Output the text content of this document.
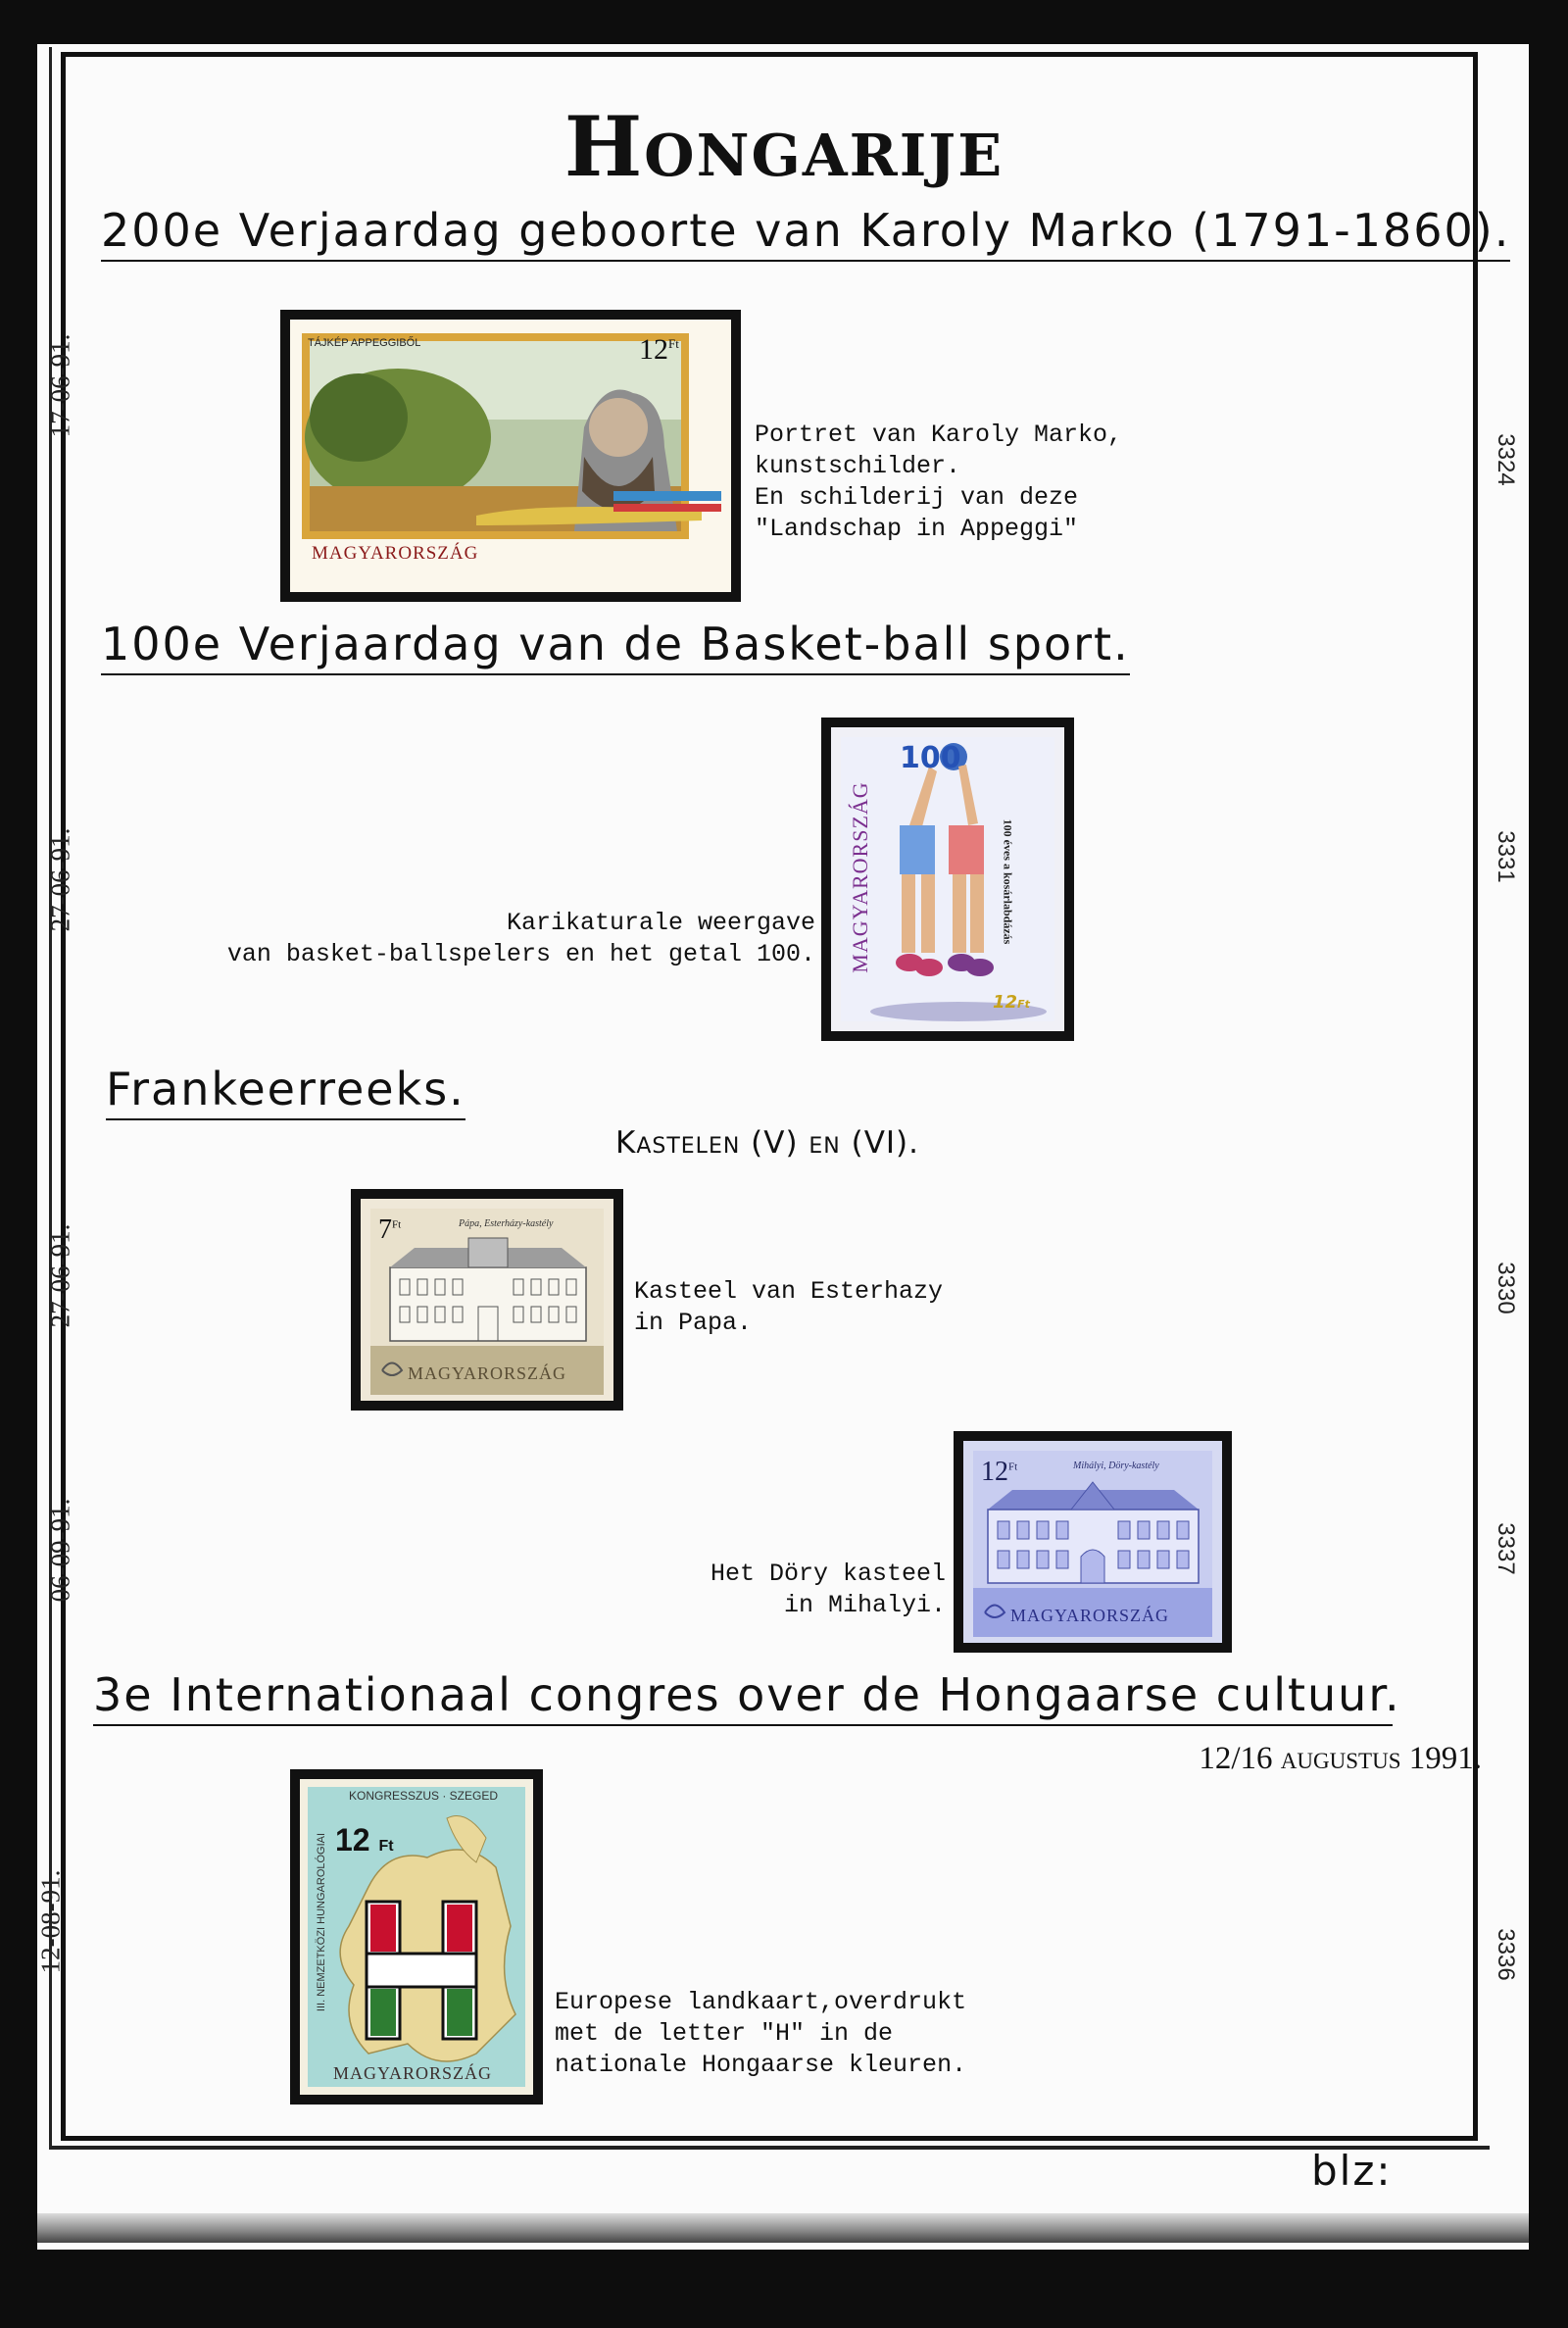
Hongarije
200e Verjaardag geboorte van Karoly Marko (1791-1860).
17-06-91.
3324
TÁJKÉP APPEGGIBŐL	$12^{Ft}$
MAGYARORSZÁG
Portret van Karoly Marko,
kunstschilder.
En schilderij van deze
"Landschap in Appeggi"
100e Verjaardag van de Basket-ball sport.
27-06-91.	3331
100
MAGYARORSZÁG	100 éves a kosárlabdázás
12Ft
Karikaturale weergave
van basket-ballspelers en het getal 100.
Frankeerreeks.
Kastelen (V) en (VI).
27-06-91.	3330
$7^{Ft}$	Pápa, Esterházy-kastély
MAGYARORSZÁG
Kasteel van Esterhazy
in Papa.
06-09-91.	3337
$12^{Ft}$	Mihályi, Döry-kastély
MAGYARORSZÁG
Het Döry kasteel
in Mihalyi.
3e Internationaal congres over de Hongaarse cultuur.
12/16 augustus 1991.
12-08-91.	3336
KONGRESSZUS · SZEGED
III. NEMZETKÖZI HUNGAROLÓGIAI 12 Ft
MAGYARORSZÁG
Europese landkaart,overdrukt
met de letter "H" in de
nationale Hongaarse kleuren.
blz:
